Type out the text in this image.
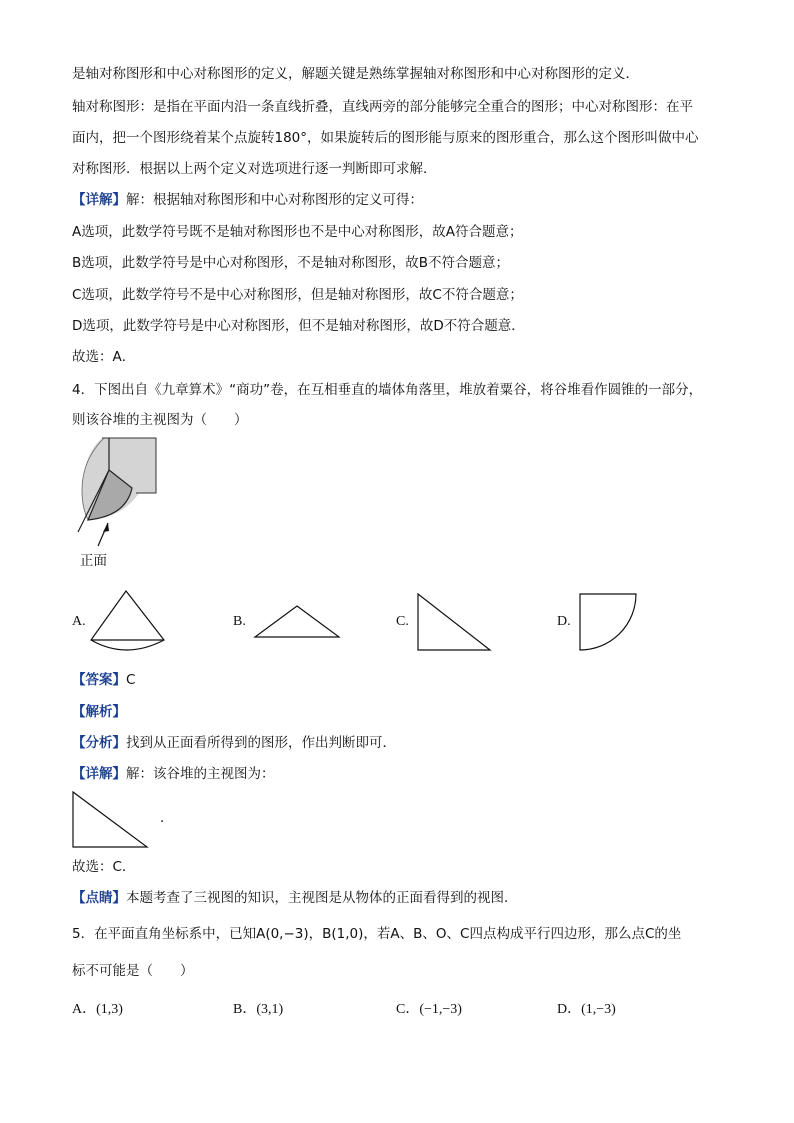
是轴对称图形和中心对称图形的定义，解题关键是熟练掌握轴对称图形和中心对称图形的定义．
轴对称图形：是指在平面内沿一条直线折叠，直线两旁的部分能够完全重合的图形；中心对称图形：在平
面内，把一个图形绕着某个点旋转180°，如果旋转后的图形能与原来的图形重合，那么这个图形叫做中心
对称图形．根据以上两个定义对选项进行逐一判断即可求解．
【详解】解：根据轴对称图形和中心对称图形的定义可得：
A选项，此数学符号既不是轴对称图形也不是中心对称图形，故A符合题意；
B选项，此数学符号是中心对称图形，不是轴对称图形，故B不符合题意；
C选项，此数学符号不是中心对称图形，但是轴对称图形，故C不符合题意；
D选项，此数学符号是中心对称图形，但不是轴对称图形，故D不符合题意．
故选：A．
4．下图出自《九章算术》“商功”卷，在互相垂直的墙体角落里，堆放着粟谷，将谷堆看作圆锥的一部分，
则该谷堆的主视图为（　　）
正面
A.	B.	C.	D.
【答案】C
【解析】
【分析】找到从正面看所得到的图形，作出判断即可．
【详解】解：该谷堆的主视图为：
．
故选：C．
【点睛】本题考查了三视图的知识，主视图是从物体的正面看得到的视图．
5．在平面直角坐标系中，已知A(0,−3)，B(1,0)，若A、B、O、C四点构成平行四边形，那么点C的坐
标不可能是（　　）
A．(1,3)	B．(3,1)	C．(−1,−3)	D．(1,−3)
